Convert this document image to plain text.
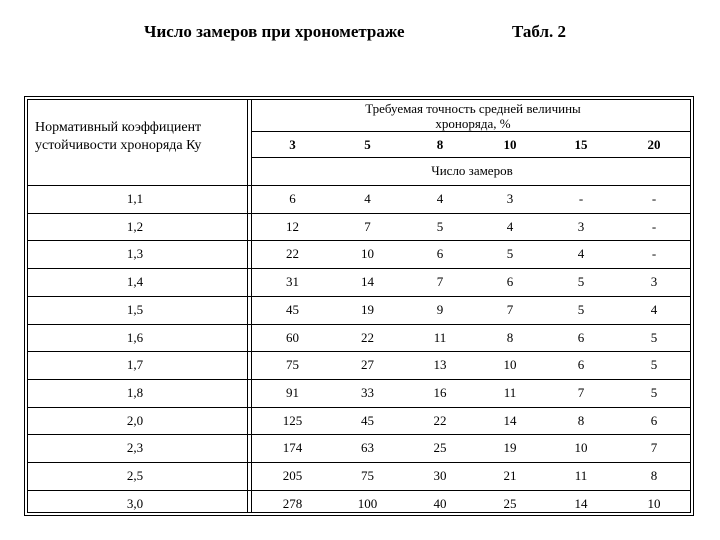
Число замеров при хронометраже	Табл. 2
Нормативный коэффициент устойчивости хроноряда Ку
Требуемая точность средней величины хроноряда, %
Число замеров
3	5	8	10	15	20
1,1	6	4	4	3	-	-
1,2	12	7	5	4	3	-
1,3	22	10	6	5	4	-
1,4	31	14	7	6	5	3
1,5	45	19	9	7	5	4
1,6	60	22	11	8	6	5
1,7	75	27	13	10	6	5
1,8	91	33	16	11	7	5
2,0	125	45	22	14	8	6
2,3	174	63	25	19	10	7
2,5	205	75	30	21	11	8
3,0	278	100	40	25	14	10
